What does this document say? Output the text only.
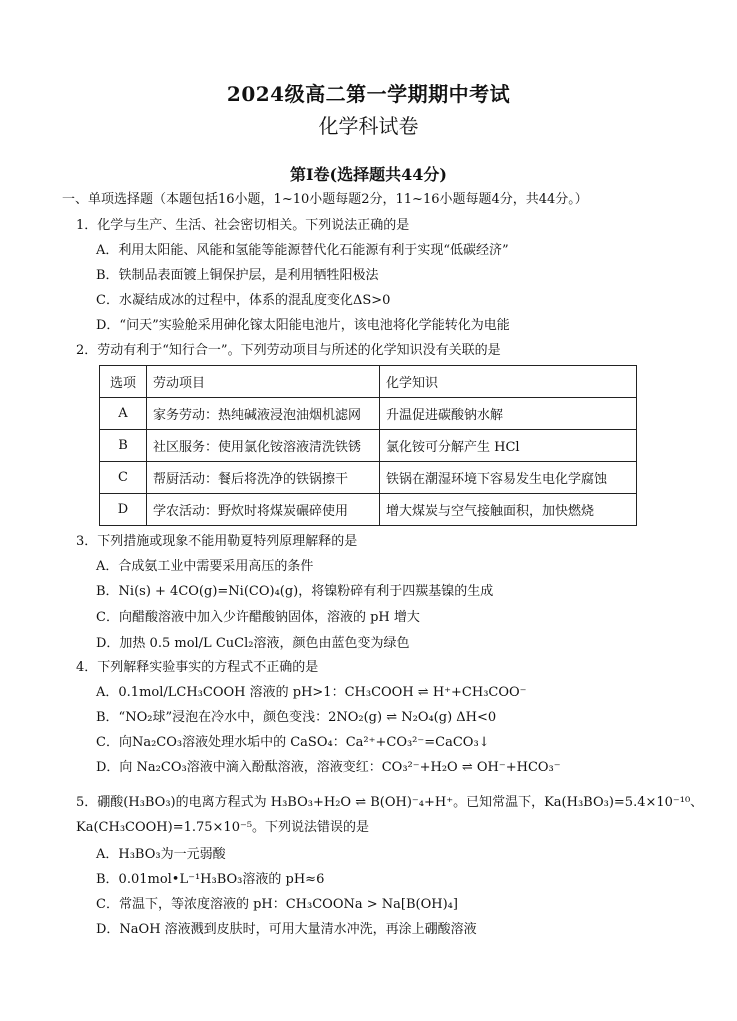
2024级高二第一学期期中考试
化学科试卷
第Ⅰ卷(选择题共44分)
一、单项选择题（本题包括16小题，1~10小题每题2分，11~16小题每题4分，共44分。）
1．化学与生产、生活、社会密切相关。下列说法正确的是
A．利用太阳能、风能和氢能等能源替代化石能源有利于实现“低碳经济”
B．铁制品表面镀上铜保护层，是利用牺牲阳极法
C．水凝结成冰的过程中，体系的混乱度变化ΔS>0
D．“问天”实验舱采用砷化镓太阳能电池片，该电池将化学能转化为电能
2．劳动有利于“知行合一”。下列劳动项目与所述的化学知识没有关联的是
选项	劳动项目	化学知识
A	家务劳动：热纯碱液浸泡油烟机滤网	升温促进碳酸钠水解
B	社区服务：使用氯化铵溶液清洗铁锈	氯化铵可分解产生 HCl
C	帮厨活动：餐后将洗净的铁锅擦干	铁锅在潮湿环境下容易发生电化学腐蚀
D	学农活动：野炊时将煤炭碾碎使用	增大煤炭与空气接触面积，加快燃烧
3．下列措施或现象不能用勒夏特列原理解释的是
A．合成氨工业中需要采用高压的条件
B．Ni(s) + 4CO(g)=Ni(CO)₄(g)，将镍粉碎有利于四羰基镍的生成
C．向醋酸溶液中加入少许醋酸钠固体，溶液的 pH 增大
D．加热 0.5 mol/L CuCl₂溶液，颜色由蓝色变为绿色
4．下列解释实验事实的方程式不正确的是
A．0.1mol/LCH₃COOH 溶液的 pH>1：CH₃COOH ⇌ H⁺+CH₃COO⁻
B．“NO₂球”浸泡在冷水中，颜色变浅：2NO₂(g) ⇌ N₂O₄(g) ΔH<0
C．向Na₂CO₃溶液处理水垢中的 CaSO₄：Ca²⁺+CO₃²⁻=CaCO₃↓
D．向 Na₂CO₃溶液中滴入酚酞溶液，溶液变红：CO₃²⁻+H₂O ⇌ OH⁻+HCO₃⁻
5．硼酸(H₃BO₃)的电离方程式为 H₃BO₃+H₂O ⇌ B(OH)⁻₄+H⁺。已知常温下，Ka(H₃BO₃)=5.4×10⁻¹⁰、
Ka(CH₃COOH)=1.75×10⁻⁵。下列说法错误的是
A．H₃BO₃为一元弱酸
B．0.01mol•L⁻¹H₃BO₃溶液的 pH≈6
C．常温下，等浓度溶液的 pH：CH₃COONa > Na[B(OH)₄]
D．NaOH 溶液溅到皮肤时，可用大量清水冲洗，再涂上硼酸溶液
